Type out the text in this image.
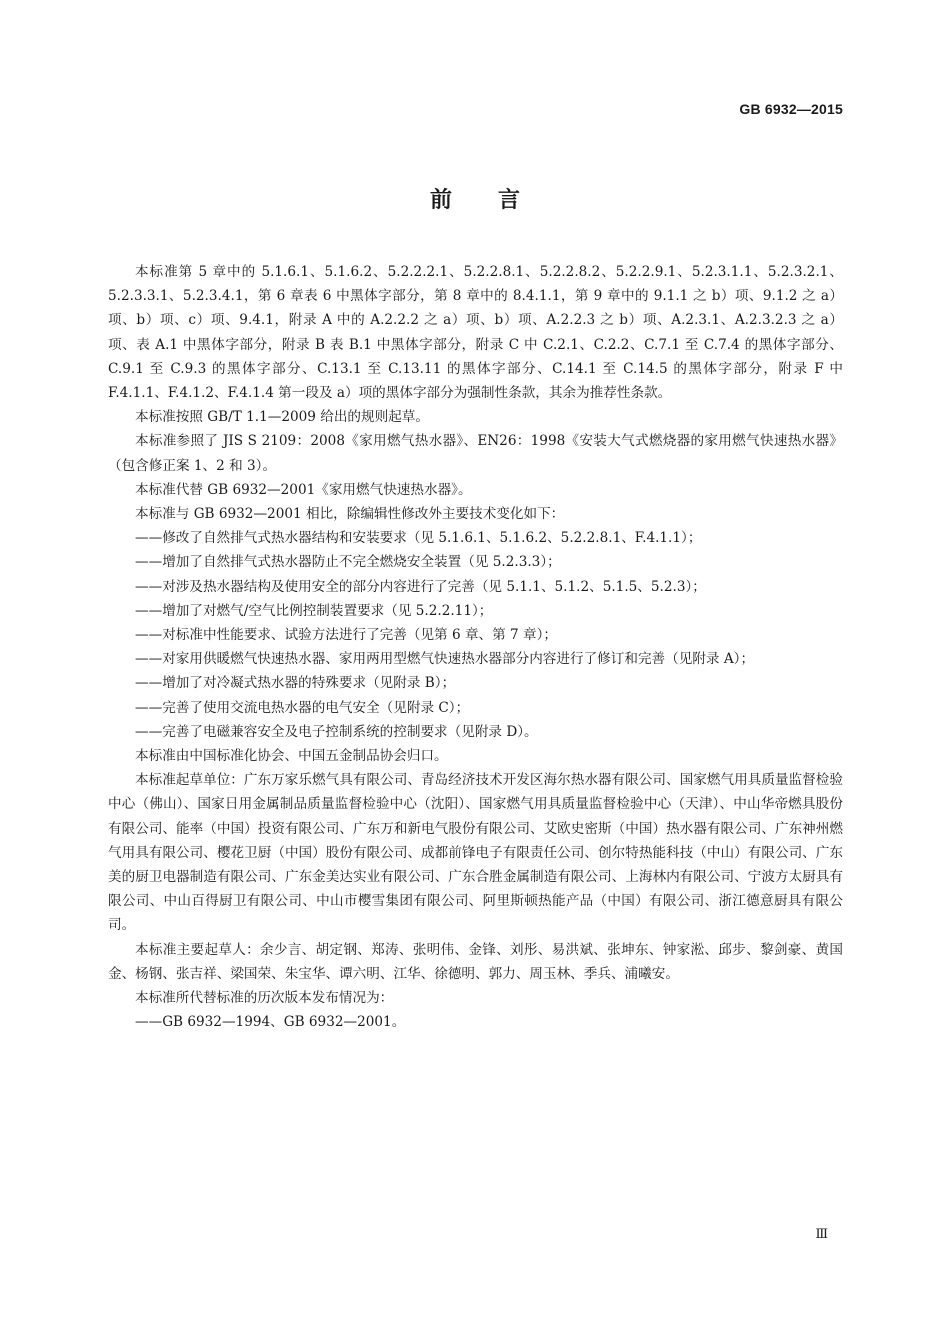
GB 6932—2015
前言

本标准第 5 章中的 5.1.6.1、5.1.6.2、5.2.2.2.1、5.2.2.8.1、5.2.2.8.2、5.2.2.9.1、5.2.3.1.1、5.2.3.2.1、5.2.3.3.1、5.2.3.4.1，第 6 章表 6 中黑体字部分，第 8 章中的 8.4.1.1，第 9 章中的 9.1.1 之 b）项、9.1.2 之 a）项、b）项、c）项、9.4.1，附录 A 中的 A.2.2.2 之 a）项、b）项、A.2.2.3 之 b）项、A.2.3.1、A.2.3.2.3 之 a）项、表 A.1 中黑体字部分，附录 B 表 B.1 中黑体字部分，附录 C 中 C.2.1、C.2.2、C.7.1 至 C.7.4 的黑体字部分、C.9.1 至 C.9.3 的黑体字部分、C.13.1 至 C.13.11 的黑体字部分、C.14.1 至 C.14.5 的黑体字部分，附录 F 中 F.4.1.1、F.4.1.2、F.4.1.4 第一段及 a）项的黑体字部分为强制性条款，其余为推荐性条款。

本标准按照 GB/T 1.1—2009 给出的规则起草。

本标准参照了 JIS S 2109：2008《家用燃气热水器》、EN26：1998《安装大气式燃烧器的家用燃气快速热水器》（包含修正案 1、2 和 3）。

本标准代替 GB 6932—2001《家用燃气快速热水器》。

本标准与 GB 6932—2001 相比，除编辑性修改外主要技术变化如下：

——修改了自然排气式热水器结构和安装要求（见 5.1.6.1、5.1.6.2、5.2.2.8.1、F.4.1.1）；

——增加了自然排气式热水器防止不完全燃烧安全装置（见 5.2.3.3）；

——对涉及热水器结构及使用安全的部分内容进行了完善（见 5.1.1、5.1.2、5.1.5、5.2.3）；

——增加了对燃气/空气比例控制装置要求（见 5.2.2.11）；

——对标准中性能要求、试验方法进行了完善（见第 6 章、第 7 章）；

——对家用供暖燃气快速热水器、家用两用型燃气快速热水器部分内容进行了修订和完善（见附录 A）；

——增加了对冷凝式热水器的特殊要求（见附录 B）；

——完善了使用交流电热水器的电气安全（见附录 C）；

——完善了电磁兼容安全及电子控制系统的控制要求（见附录 D）。

本标准由中国标准化协会、中国五金制品协会归口。

本标准起草单位：广东万家乐燃气具有限公司、青岛经济技术开发区海尔热水器有限公司、国家燃气用具质量监督检验中心（佛山）、国家日用金属制品质量监督检验中心（沈阳）、国家燃气用具质量监督检验中心（天津）、中山华帝燃具股份有限公司、能率（中国）投资有限公司、广东万和新电气股份有限公司、艾欧史密斯（中国）热水器有限公司、广东神州燃气用具有限公司、樱花卫厨（中国）股份有限公司、成都前锋电子有限责任公司、创尔特热能科技（中山）有限公司、广东美的厨卫电器制造有限公司、广东金美达实业有限公司、广东合胜金属制造有限公司、上海林内有限公司、宁波方太厨具有限公司、中山百得厨卫有限公司、中山市樱雪集团有限公司、阿里斯顿热能产品（中国）有限公司、浙江德意厨具有限公司。

本标准主要起草人：余少言、胡定钢、郑涛、张明伟、金锋、刘彤、易洪斌、张坤东、钟家淞、邱步、黎剑豪、黄国金、杨钢、张吉祥、梁国荣、朱宝华、谭六明、江华、徐德明、郭力、周玉林、季兵、浦曦安。

本标准所代替标准的历次版本发布情况为：

——GB 6932—1994、GB 6932—2001。

Ⅲ
